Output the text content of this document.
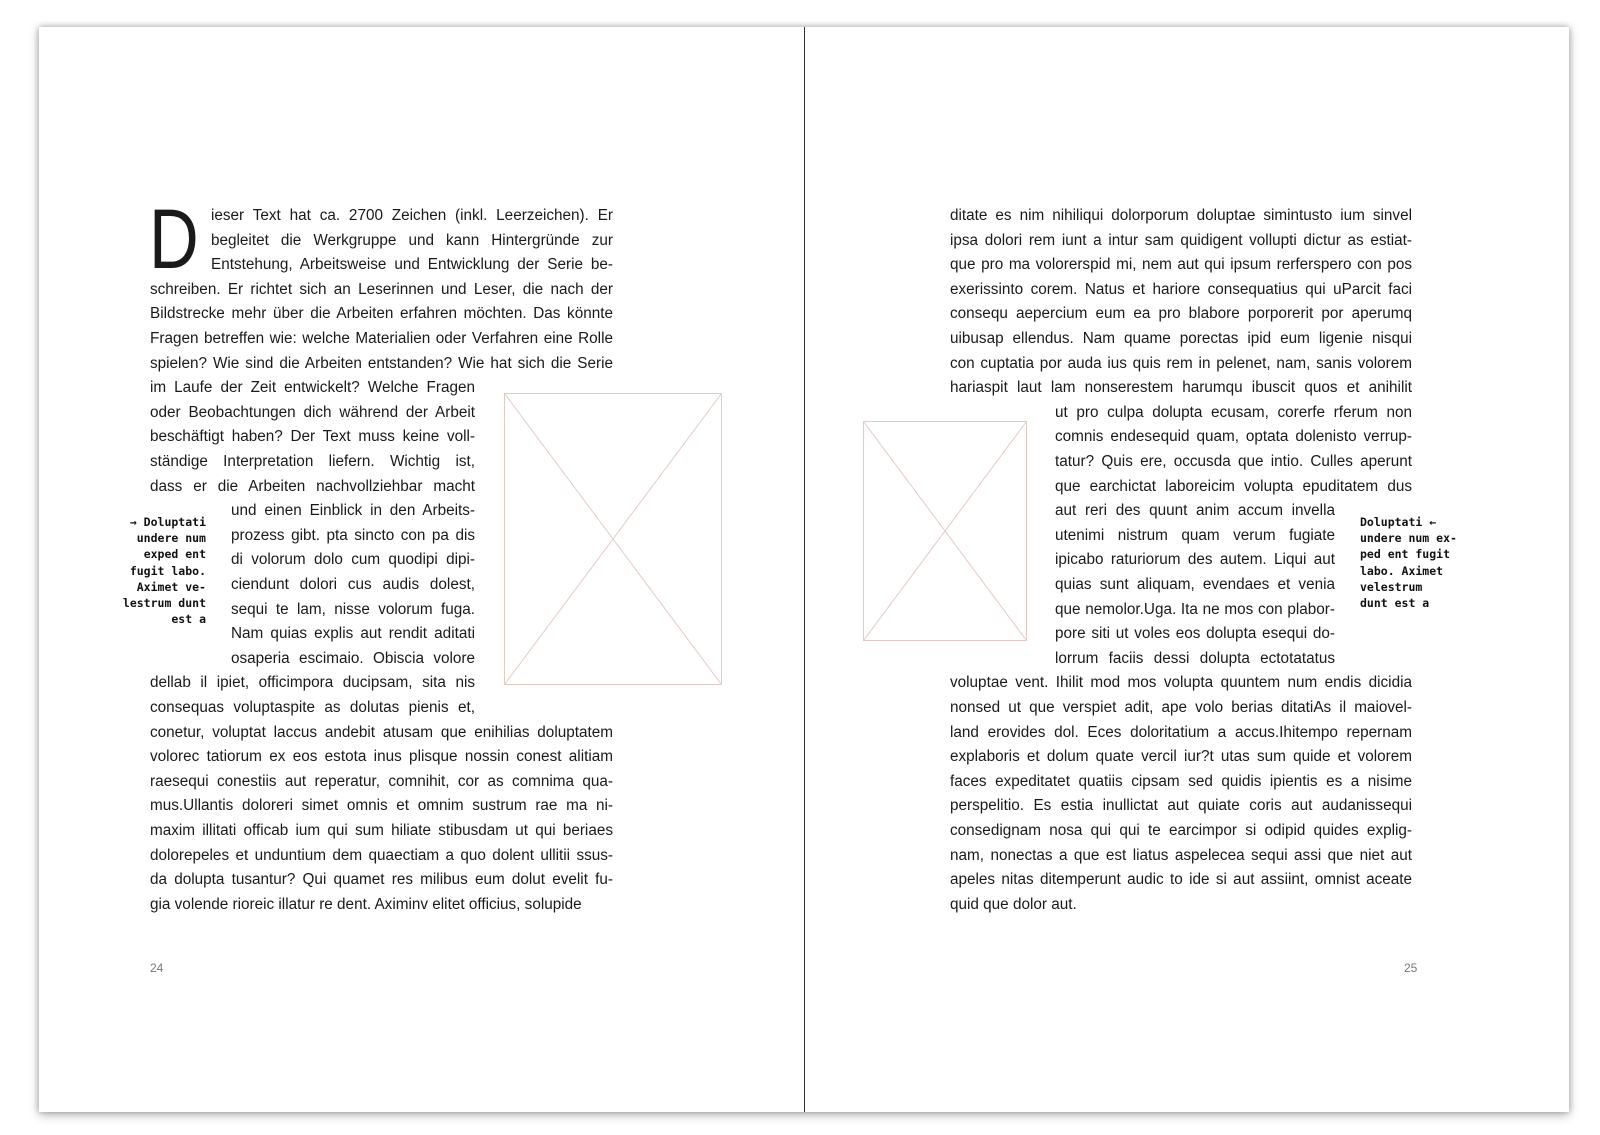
D ieser Text hat ca. 2700 Zeichen (inkl. Leerzeichen). Er
begleitet die Werkgruppe und kann Hintergründe zur
Entstehung, Arbeitsweise und Entwicklung der Serie be-
schreiben. Er richtet sich an Leserinnen und Leser, die nach der
Bildstrecke mehr über die Arbeiten erfahren möchten. Das könnte
Fragen betreffen wie: welche Materialien oder Verfahren eine Rolle
spielen? Wie sind die Arbeiten entstanden? Wie hat sich die Serie
im Laufe der Zeit entwickelt? Welche Fragen
oder Beobachtungen dich während der Arbeit
beschäftigt haben? Der Text muss keine voll-
ständige Interpretation liefern. Wichtig ist,
dass er die Arbeiten nachvollziehbar macht
und einen Einblick in den Arbeits-
prozess gibt. pta sincto con pa dis
di volorum dolo cum quodipi dipi-
ciendunt dolori cus audis dolest,
sequi te lam, nisse volorum fuga.
Nam quias explis aut rendit aditati
osaperia escimaio. Obiscia volore
dellab il ipiet, officimpora ducipsam, sita nis
consequas voluptaspite as dolutas pienis et,
conetur, voluptat laccus andebit atusam que enihilias doluptatem
volorec tatiorum ex eos estota inus plisque nossin conest alitiam
raesequi conestiis aut reperatur, comnihit, cor as comnima qua-
mus.Ullantis doloreri simet omnis et omnim sustrum rae ma ni-
maxim illitati officab ium qui sum hiliate stibusdam ut qui beriaes
dolorepeles et unduntium dem quaectiam a quo dolent ullitii ssus-
da dolupta tusantur? Qui quamet res milibus eum dolut evelit fu-
gia volende rioreic illatur re dent. Aximinv elitet officius, solupide
→ Doluptati
undere num
exped ent
fugit labo.
Aximet ve-
lestrum dunt
est a
24
ditate es nim nihiliqui dolorporum doluptae simintusto ium sinvel
ipsa dolori rem iunt a intur sam quidigent vollupti dictur as estiat-
que pro ma volorerspid mi, nem aut qui ipsum rerferspero con pos
exerissinto corem. Natus et hariore consequatius qui uParcit faci
consequ aepercium eum ea pro blabore porporerit por aperumq
uibusap ellendus. Nam quame porectas ipid eum ligenie nisqui
con cuptatia por auda ius quis rem in pelenet, nam, sanis volorem
hariaspit laut lam nonserestem harumqu ibuscit quos et anihilit
ut pro culpa dolupta ecusam, corerfe rferum non
comnis endesequid quam, optata dolenisto verrup-
tatur? Quis ere, occusda que intio. Culles aperunt
que earchictat laboreicim volupta epuditatem dus
aut reri des quunt anim accum invella
utenimi nistrum quam verum fugiate
ipicabo raturiorum des autem. Liqui aut
quias sunt aliquam, evendaes et venia
que nemolor.Uga. Ita ne mos con plabor-
pore siti ut voles eos dolupta esequi do-
lorrum faciis dessi dolupta ectotatatus
voluptae vent. Ihilit mod mos volupta quuntem num endis dicidia
nonsed ut que verspiet adit, ape volo berias ditatiAs il maiovel-
land erovides dol. Eces doloritatium a accus.Ihitempo repernam
explaboris et dolum quate vercil iur?t utas sum quide et volorem
faces expeditatet quatiis cipsam sed quidis ipientis es a nisime
perspelitio. Es estia inullictat aut quiate coris aut audanissequi
consedignam nosa qui qui te earcimpor si odipid quides explig-
nam, nonectas a que est liatus aspelecea sequi assi que niet aut
apeles nitas ditemperunt audic to ide si aut assiint, omnist aceate
quid que dolor aut.
Doluptati ←
undere num ex-
ped ent fugit
labo. Aximet
velestrum
dunt est a
25
